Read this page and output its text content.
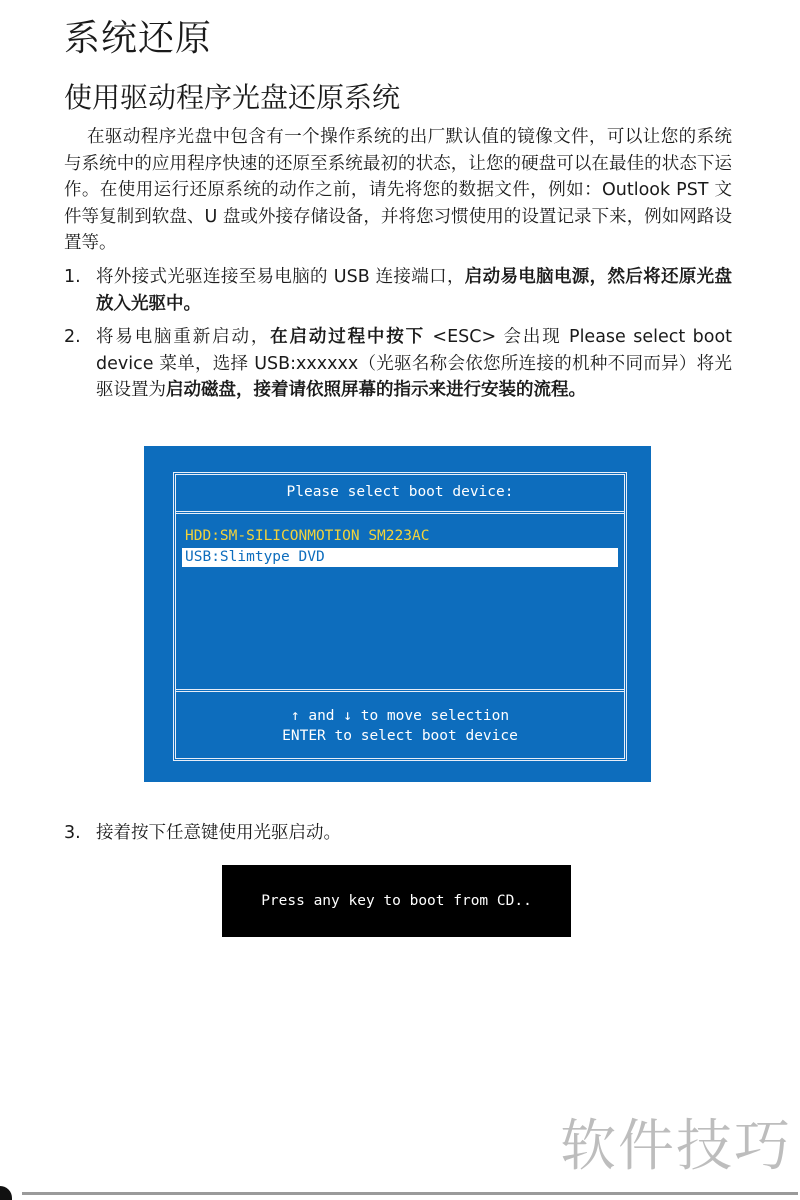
系统还原
使用驱动程序光盘还原系统

在驱动程序光盘中包含有一个操作系统的出厂默认值的镜像文件，可以让您的系统与系统中的应用程序快速的还原至系统最初的状态，让您的硬盘可以在最佳的状态下运作。在使用运行还原系统的动作之前，请先将您的数据文件，例如：Outlook PST 文件等复制到软盘、U 盘或外接存储设备，并将您习惯使用的设置记录下来，例如网路设置等。

1. 将外接式光驱连接至易电脑的 USB 连接端口，启动易电脑电源，然后将还原光盘放入光驱中。
2. 将易电脑重新启动，在启动过程中按下 <ESC> 会出现 Please select boot device 菜单，选择 USB:xxxxxx（光驱名称会依您所连接的机种不同而异）将光驱设置为启动磁盘，接着请依照屏幕的指示来进行安装的流程。
Please select boot device:
HDD:SM-SILICONMOTION SM223AC
USB:Slimtype DVD
↑ and ↓ to move selection
ENTER to select boot device
3. 接着按下任意键使用光驱启动。
Press any key to boot from CD..
软件技巧
